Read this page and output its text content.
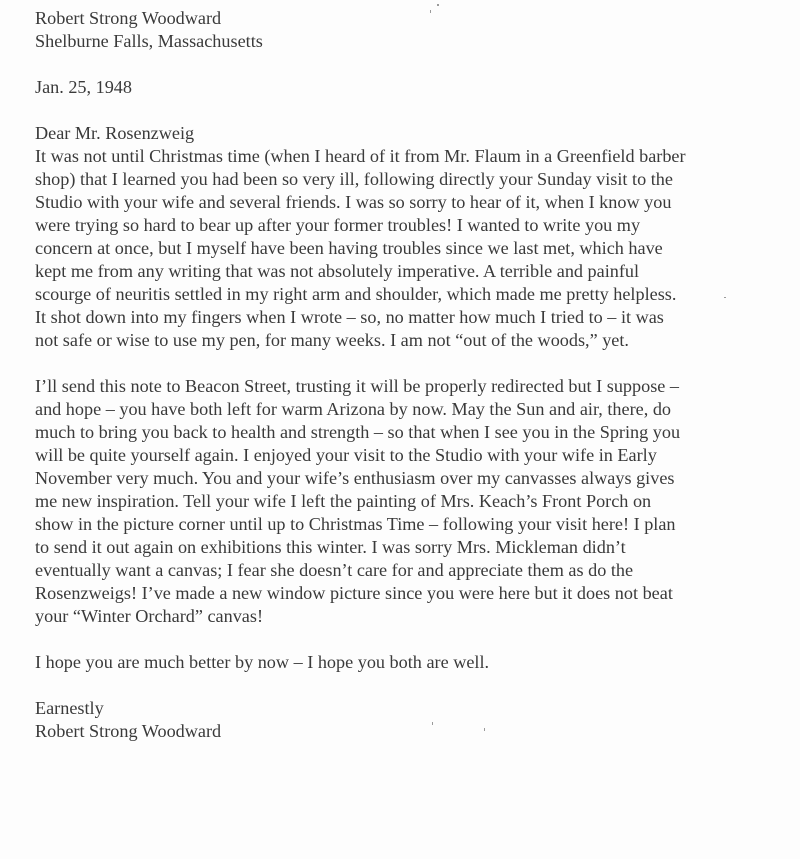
Robert Strong Woodward
Shelburne Falls, Massachusetts
Jan. 25, 1948
Dear Mr. Rosenzweig
It was not until Christmas time (when I heard of it from Mr. Flaum in a Greenfield barber
shop) that I learned you had been so very ill, following directly your Sunday visit to the
Studio with your wife and several friends. I was so sorry to hear of it, when I know you
were trying so hard to bear up after your former troubles! I wanted to write you my
concern at once, but I myself have been having troubles since we last met, which have
kept me from any writing that was not absolutely imperative. A terrible and painful
scourge of neuritis settled in my right arm and shoulder, which made me pretty helpless.
It shot down into my fingers when I wrote – so, no matter how much I tried to – it was
not safe or wise to use my pen, for many weeks. I am not “out of the woods,” yet.
I’ll send this note to Beacon Street, trusting it will be properly redirected but I suppose –
and hope – you have both left for warm Arizona by now. May the Sun and air, there, do
much to bring you back to health and strength – so that when I see you in the Spring you
will be quite yourself again. I enjoyed your visit to the Studio with your wife in Early
November very much. You and your wife’s enthusiasm over my canvasses always gives
me new inspiration. Tell your wife I left the painting of Mrs. Keach’s Front Porch on
show in the picture corner until up to Christmas Time – following your visit here! I plan
to send it out again on exhibitions this winter. I was sorry Mrs. Mickleman didn’t
eventually want a canvas; I fear she doesn’t care for and appreciate them as do the
Rosenzweigs! I’ve made a new window picture since you were here but it does not beat
your “Winter Orchard” canvas!
I hope you are much better by now – I hope you both are well.
Earnestly
Robert Strong Woodward
